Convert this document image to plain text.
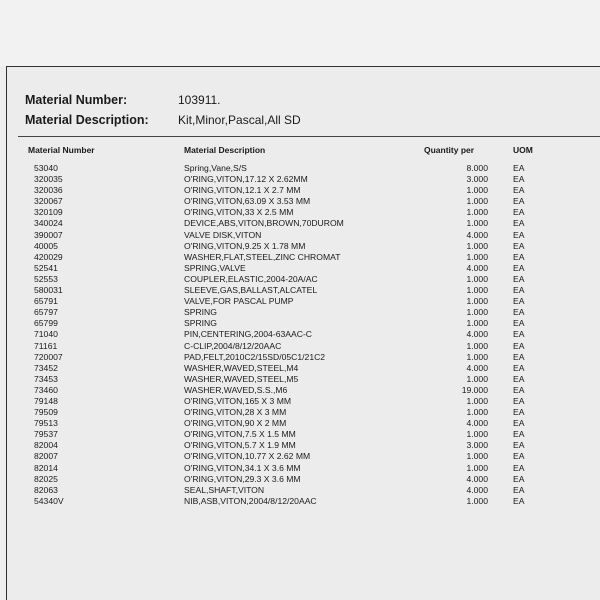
Material Number:	103911.
Material Description:	Kit,Minor,Pascal,All SD
Material Number	Material Description	Quantity per	UOM
53040	Spring,Vane,S/S	8.000	EA
320035	O'RING,VITON,17.12 X 2.62MM	3.000	EA
320036	O'RING,VITON,12.1 X 2.7 MM	1.000	EA
320067	O'RING,VITON,63.09 X 3.53 MM	1.000	EA
320109	O'RING,VITON,33 X 2.5 MM	1.000	EA
340024	DEVICE,ABS,VITON,BROWN,70DUROM	1.000	EA
390007	VALVE DISK,VITON	4.000	EA
40005	O'RING,VITON,9.25 X 1.78 MM	1.000	EA
420029	WASHER,FLAT,STEEL,ZINC CHROMAT	1.000	EA
52541	SPRING,VALVE	4.000	EA
52553	COUPLER,ELASTIC,2004-20A/AC	1.000	EA
580031	SLEEVE,GAS,BALLAST,ALCATEL	1.000	EA
65791	VALVE,FOR PASCAL PUMP	1.000	EA
65797	SPRING	1.000	EA
65799	SPRING	1.000	EA
71040	PIN,CENTERING,2004-63AAC-C	4.000	EA
71161	C-CLIP,2004/8/12/20AAC	1.000	EA
720007	PAD,FELT,2010C2/15SD/05C1/21C2	1.000	EA
73452	WASHER,WAVED,STEEL,M4	4.000	EA
73453	WASHER,WAVED,STEEL,M5	1.000	EA
73460	WASHER,WAVED,S.S.,M6	19.000	EA
79148	O'RING,VITON,165 X 3 MM	1.000	EA
79509	O'RING,VITON,28 X 3 MM	1.000	EA
79513	O'RING,VITON,90 X 2 MM	4.000	EA
79537	O'RING,VITON,7.5 X 1.5 MM	1.000	EA
82004	O'RING,VITON,5.7 X 1.9 MM	3.000	EA
82007	O'RING,VITON,10.77 X 2.62 MM	1.000	EA
82014	O'RING,VITON,34.1 X 3.6 MM	1.000	EA
82025	O'RING,VITON,29.3 X 3.6 MM	4.000	EA
82063	SEAL,SHAFT,VITON	4.000	EA
54340V	NIB,ASB,VITON,2004/8/12/20AAC	1.000	EA
